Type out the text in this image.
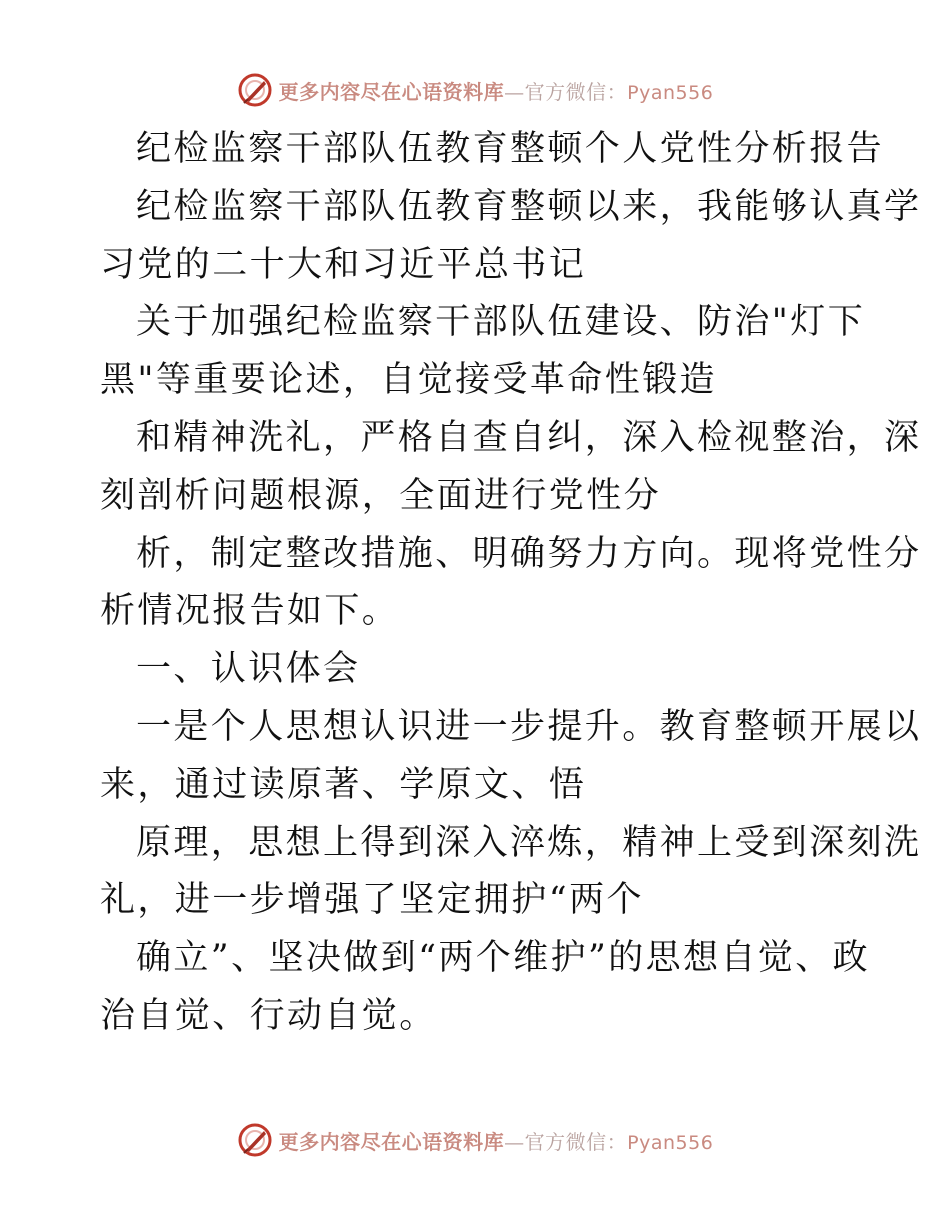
更多内容尽在心语资料库—官方微信：Pyan556
纪检监察干部队伍教育整顿个人党性分析报告
纪检监察干部队伍教育整顿以来，我能够认真学
习党的二十大和习近平总书记
关于加强纪检监察干部队伍建设、防治"灯下
黑"等重要论述，自觉接受革命性锻造
和精神洗礼，严格自查自纠，深入检视整治，深
刻剖析问题根源，全面进行党性分
析，制定整改措施、明确努力方向。现将党性分
析情况报告如下。
一、认识体会
一是个人思想认识进一步提升。教育整顿开展以
来，通过读原著、学原文、悟
原理，思想上得到深入淬炼，精神上受到深刻洗
礼，进一步增强了坚定拥护“两个
确立”、坚决做到“两个维护”的思想自觉、政
治自觉、行动自觉。
更多内容尽在心语资料库—官方微信：Pyan556
